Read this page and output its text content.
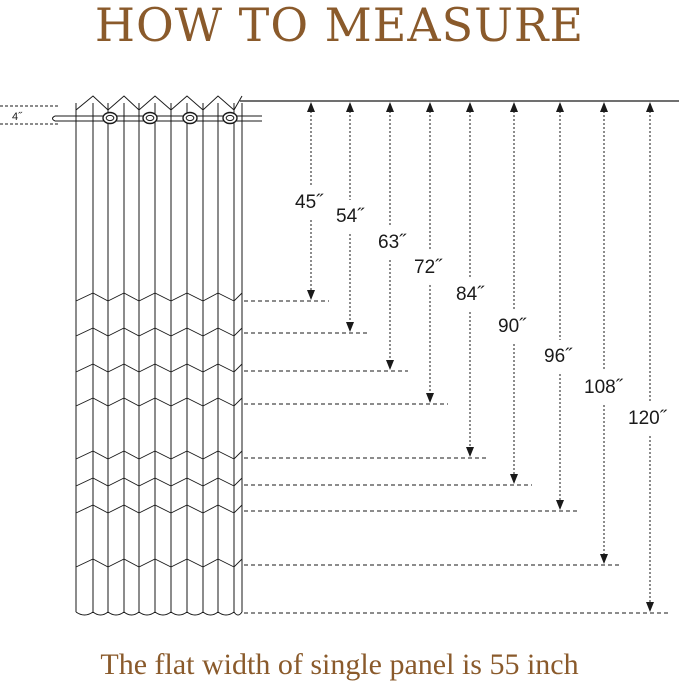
HOW TO MEASURE
4˝
45˝
54˝
63˝
72˝
84˝
90˝
96˝
108˝
120˝
The flat width of single panel is 55 inch
